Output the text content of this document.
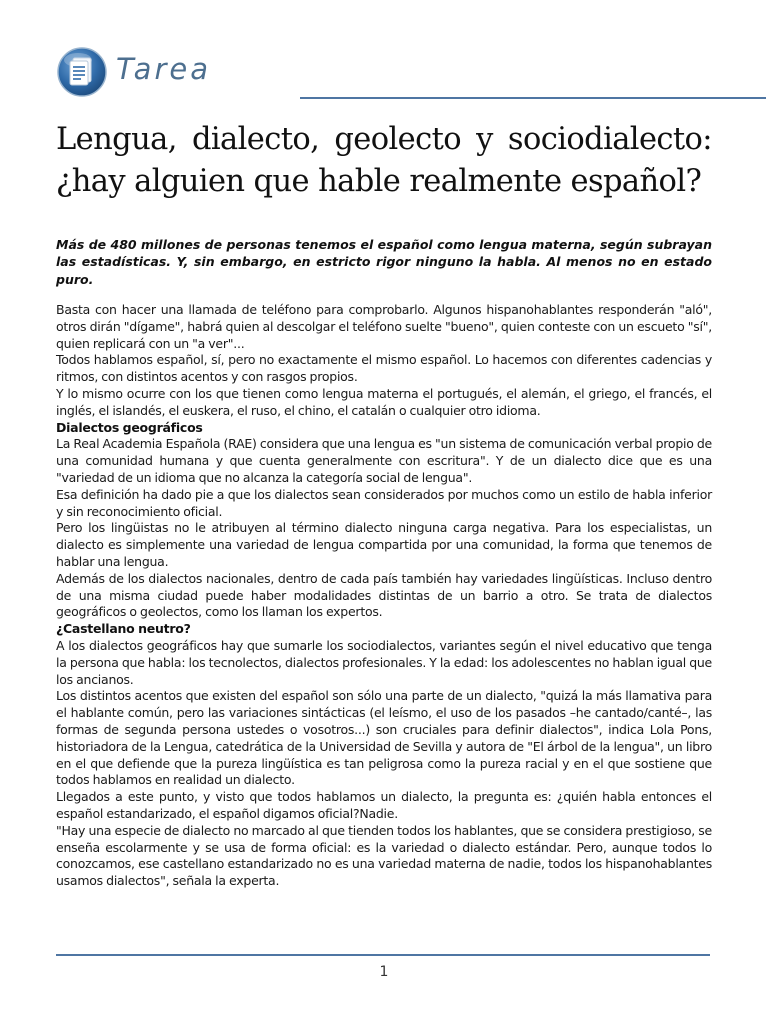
Tarea
Lengua, dialecto, geolecto y sociodialecto:
¿hay alguien que hable realmente español?

Más de 480 millones de personas tenemos el español como lengua materna, según subrayan las estadísticas. Y, sin embargo, en estricto rigor ninguno la habla. Al menos no en estado puro.

Basta con hacer una llamada de teléfono para comprobarlo. Algunos hispanohablantes responderán "aló", otros dirán "dígame", habrá quien al descolgar el teléfono suelte "bueno", quien conteste con un escueto "sí", quien replicará con un "a ver"...

Todos hablamos español, sí, pero no exactamente el mismo español. Lo hacemos con diferentes cadencias y ritmos, con distintos acentos y con rasgos propios.

Y lo mismo ocurre con los que tienen como lengua materna el portugués, el alemán, el griego, el francés, el inglés, el islandés, el euskera, el ruso, el chino, el catalán o cualquier otro idioma.

Dialectos geográficos

La Real Academia Española (RAE) considera que una lengua es "un sistema de comunicación verbal propio de una comunidad humana y que cuenta generalmente con escritura". Y de un dialecto dice que es una "variedad de un idioma que no alcanza la categoría social de lengua".

Esa definición ha dado pie a que los dialectos sean considerados por muchos como un estilo de habla inferior y sin reconocimiento oficial.

Pero los lingüistas no le atribuyen al término dialecto ninguna carga negativa. Para los especialistas, un dialecto es simplemente una variedad de lengua compartida por una comunidad, la forma que tenemos de hablar una lengua.

Además de los dialectos nacionales, dentro de cada país también hay variedades lingüísticas. Incluso dentro de una misma ciudad puede haber modalidades distintas de un barrio a otro. Se trata de dialectos geográficos o geolectos, como los llaman los expertos.

¿Castellano neutro?

A los dialectos geográficos hay que sumarle los sociodialectos, variantes según el nivel educativo que tenga la persona que habla: los tecnolectos, dialectos profesionales. Y la edad: los adolescentes no hablan igual que los ancianos.

Los distintos acentos que existen del español son sólo una parte de un dialecto, "quizá la más llamativa para el hablante común, pero las variaciones sintácticas (el leísmo, el uso de los pasados –he cantado/canté–, las formas de segunda persona ustedes o vosotros...) son cruciales para definir dialectos", indica Lola Pons, historiadora de la Lengua, catedrática de la Universidad de Sevilla y autora de "El árbol de la lengua", un libro en el que defiende que la pureza lingüística es tan peligrosa como la pureza racial y en el que sostiene que todos hablamos en realidad un dialecto.

Llegados a este punto, y visto que todos hablamos un dialecto, la pregunta es: ¿quién habla entonces el español estandarizado, el español digamos oficial?Nadie.

"Hay una especie de dialecto no marcado al que tienden todos los hablantes, que se considera prestigioso, se enseña escolarmente y se usa de forma oficial: es la variedad o dialecto estándar. Pero, aunque todos lo conozcamos, ese castellano estandarizado no es una variedad materna de nadie, todos los hispanohablantes usamos dialectos", señala la experta.

1
